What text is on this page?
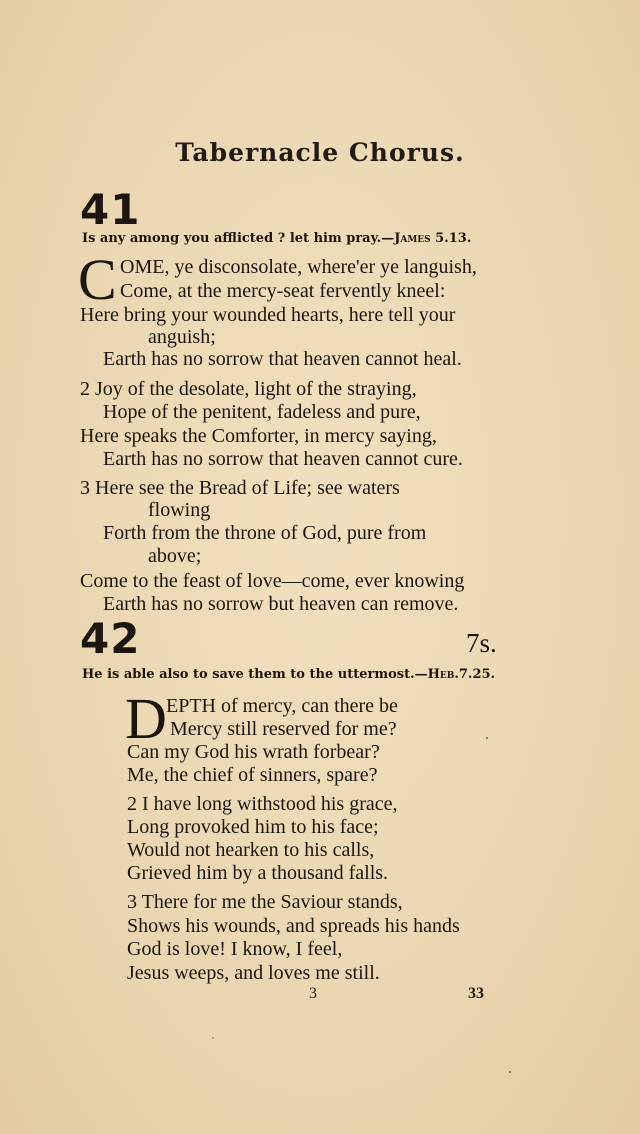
Tabernacle Chorus.
41
Is any among you afflicted ? let him pray.—James 5.13.
C OME, ye disconsolate, where'er ye languish,
Come, at the mercy-seat fervently kneel:
Here bring your wounded hearts, here tell your
anguish;
Earth has no sorrow that heaven cannot heal.
2 Joy of the desolate, light of the straying,
Hope of the penitent, fadeless and pure,
Here speaks the Comforter, in mercy saying,
Earth has no sorrow that heaven cannot cure.
3 Here see the Bread of Life; see waters
flowing
Forth from the throne of God, pure from
above;
Come to the feast of love—come, ever knowing
Earth has no sorrow but heaven can remove.
42	7s.
He is able also to save them to the uttermost.—Heb.7.25.
D EPTH of mercy, can there be
Mercy still reserved for me?
Can my God his wrath forbear?
Me, the chief of sinners, spare?
2 I have long withstood his grace,
Long provoked him to his face;
Would not hearken to his calls,
Grieved him by a thousand falls.
3 There for me the Saviour stands,
Shows his wounds, and spreads his hands
God is love! I know, I feel,
Jesus weeps, and loves me still.
3	33
